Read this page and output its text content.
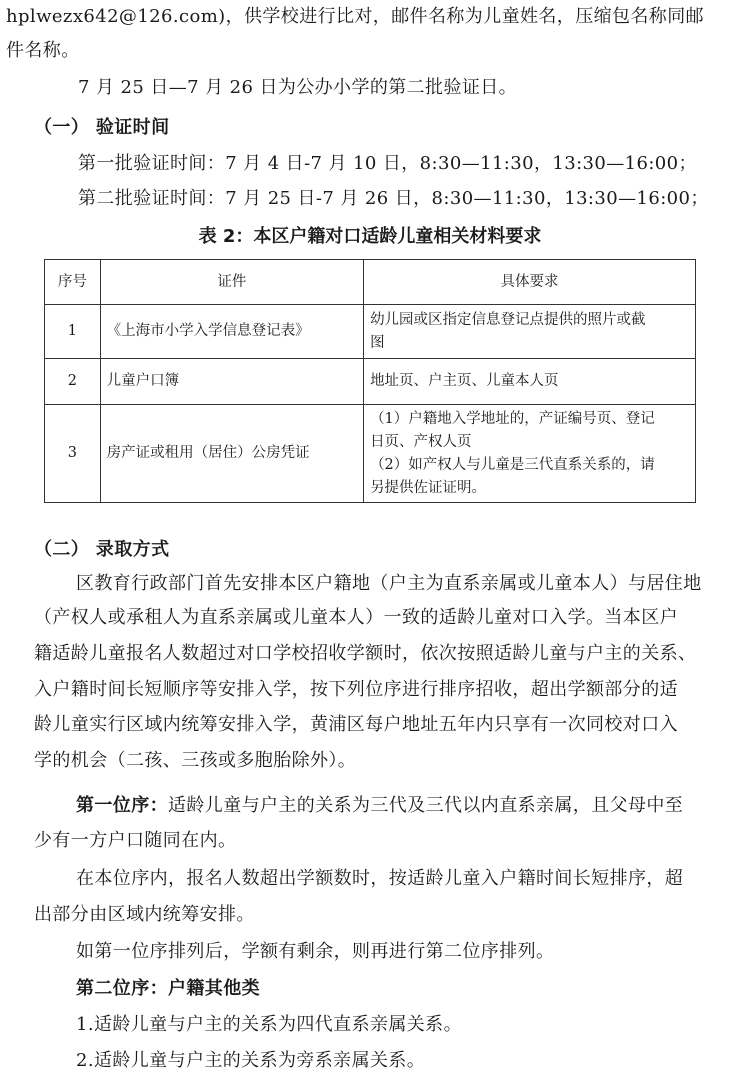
hplwezx642@126.com)，供学校进行比对，邮件名称为儿童姓名，压缩包名称同邮
件名称。
7 月 25 日—7 月 26 日为公办小学的第二批验证日。
（一） 验证时间
第一批验证时间：7 月 4 日-7 月 10 日，8:30—11:30，13:30—16:00；
第二批验证时间：7 月 25 日-7 月 26 日，8:30—11:30，13:30—16:00；
表 2：本区户籍对口适龄儿童相关材料要求
序号	证件	具体要求
1	《上海市小学入学信息登记表》	幼儿园或区指定信息登记点提供的照片或截
图

2	儿童户口簿	地址页、户主页、儿童本人页

3	房产证或租用（居住）公房凭证	（1）户籍地入学地址的，产证编号页、登记
日页、产权人页
（2）如产权人与儿童是三代直系关系的，请
另提供佐证证明。
（二） 录取方式
区教育行政部门首先安排本区户籍地（户主为直系亲属或儿童本人）与居住地
（产权人或承租人为直系亲属或儿童本人）一致的适龄儿童对口入学。当本区户
籍适龄儿童报名人数超过对口学校招收学额时，依次按照适龄儿童与户主的关系、
入户籍时间长短顺序等安排入学，按下列位序进行排序招收，超出学额部分的适
龄儿童实行区域内统筹安排入学，黄浦区每户地址五年内只享有一次同校对口入
学的机会（二孩、三孩或多胞胎除外）。
第一位序：适龄儿童与户主的关系为三代及三代以内直系亲属，且父母中至
少有一方户口随同在内。
在本位序内，报名人数超出学额数时，按适龄儿童入户籍时间长短排序，超
出部分由区域内统筹安排。
如第一位序排列后，学额有剩余，则再进行第二位序排列。
第二位序：户籍其他类
1.适龄儿童与户主的关系为四代直系亲属关系。
2.适龄儿童与户主的关系为旁系亲属关系。
